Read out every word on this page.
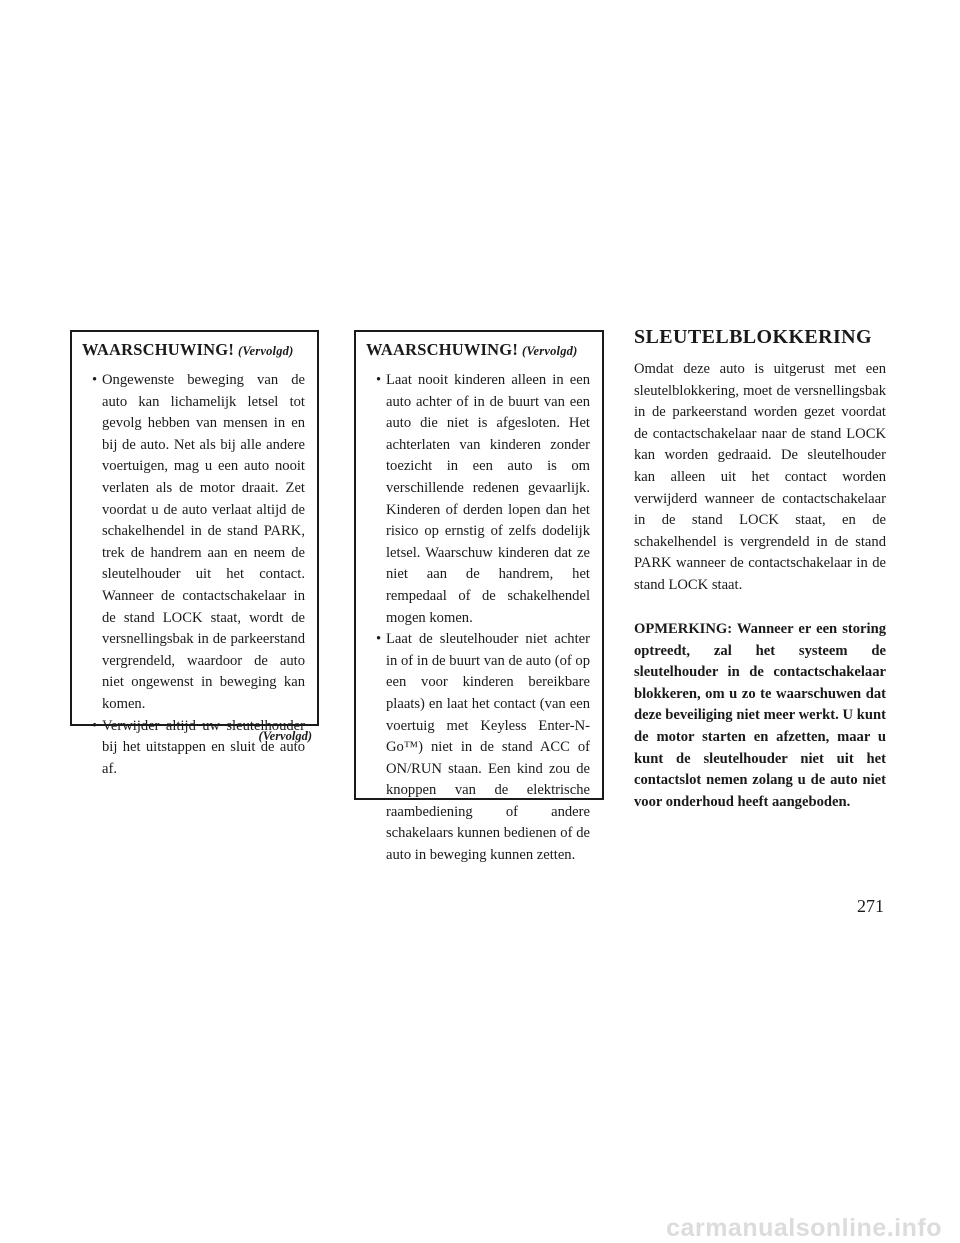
WAARSCHUWING! (Vervolgd)
• Ongewenste beweging van de auto kan lichamelijk letsel tot gevolg hebben van mensen in en bij de auto. Net als bij alle andere voertuigen, mag u een auto nooit verlaten als de motor draait. Zet voordat u de auto verlaat altijd de schakelhendel in de stand PARK, trek de handrem aan en neem de sleutelhouder uit het contact. Wanneer de contactschakelaar in de stand LOCK staat, wordt de versnellingsbak in de parkeerstand vergrendeld, waardoor de auto niet ongewenst in beweging kan komen.
• Verwijder altijd uw sleutelhouder bij het uitstappen en sluit de auto af.
(Vervolgd)
WAARSCHUWING! (Vervolgd)
• Laat nooit kinderen alleen in een auto achter of in de buurt van een auto die niet is afgesloten. Het achterlaten van kinderen zonder toezicht in een auto is om verschillende redenen gevaarlijk. Kinderen of derden lopen dan het risico op ernstig of zelfs dodelijk letsel. Waarschuw kinderen dat ze niet aan de handrem, het rempedaal of de schakelhendel mogen komen.
• Laat de sleutelhouder niet achter in of in de buurt van de auto (of op een voor kinderen bereikbare plaats) en laat het contact (van een voertuig met Keyless Enter-N-Go™) niet in de stand ACC of ON/RUN staan. Een kind zou de knoppen van de elektrische raambediening of andere schakelaars kunnen bedienen of de auto in beweging kunnen zetten.
SLEUTELBLOKKERING

Omdat deze auto is uitgerust met een sleutelblokkering, moet de versnellingsbak in de parkeerstand worden gezet voordat de contactschakelaar naar de stand LOCK kan worden gedraaid. De sleutelhouder kan alleen uit het contact worden verwijderd wanneer de contactschakelaar in de stand LOCK staat, en de schakelhendel is vergrendeld in de stand PARK wanneer de contactschakelaar in de stand LOCK staat.

OPMERKING: Wanneer er een storing optreedt, zal het systeem de sleutelhouder in de contactschakelaar blokkeren, om u zo te waarschuwen dat deze beveiliging niet meer werkt. U kunt de motor starten en afzetten, maar u kunt de sleutelhouder niet uit het contactslot nemen zolang u de auto niet voor onderhoud heeft aangeboden.

271
carmanualsonline.info
